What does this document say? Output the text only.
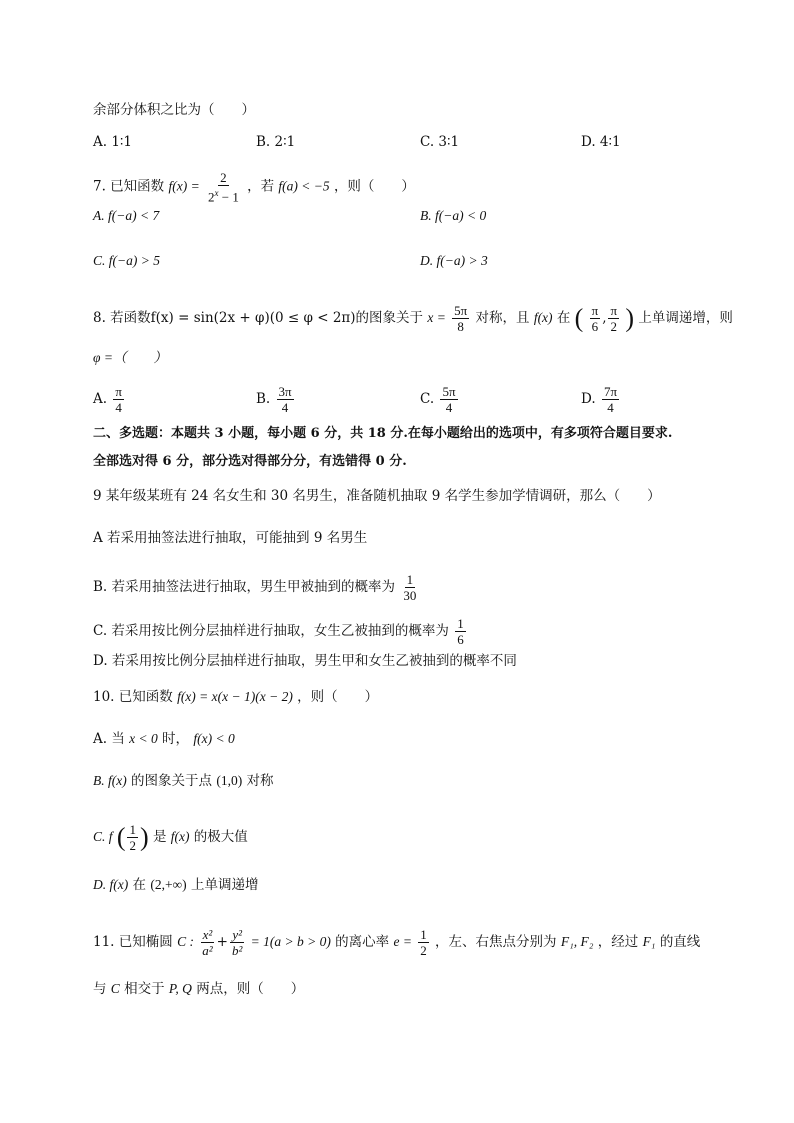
余部分体积之比为（　　）
A. 1∶1	B. 2∶1	C. 3∶1	D. 4∶1
7. 已知函数 $f(x) = \frac{2}{2^x - 1}$ ，若 f(a) < −5 ，则（　　）
A. f(−a) < 7	B. f(−a) < 0
C. f(−a) > 5	D. f(−a) > 3
8. 若函数f(x) = sin(2x + φ)(0 ≤ φ < 2π)的图象关于 $x = \frac{5\pi}{8}$ 对称，且 f(x) 在 ( $\frac{\pi}{6}$ , $\frac{\pi}{2}$ ) 上单调递增，则
φ =（　　）
A. $\frac{\pi}{4}$	B. $\frac{3\pi}{4}$	C. $\frac{5\pi}{4}$	D. $\frac{7\pi}{4}$
二、多选题：本题共 3 小题，每小题 6 分，共 18 分.在每小题给出的选项中，有多项符合题目要求.
全部选对得 6 分，部分选对得部分分，有选错得 0 分.
9 某年级某班有 24 名女生和 30 名男生，准备随机抽取 9 名学生参加学情调研，那么（　　）
A 若采用抽签法进行抽取，可能抽到 9 名男生
B. 若采用抽签法进行抽取，男生甲被抽到的概率为 $\frac{1}{30}$
C. 若采用按比例分层抽样进行抽取，女生乙被抽到的概率为 $\frac{1}{6}$
D. 若采用按比例分层抽样进行抽取，男生甲和女生乙被抽到的概率不同
10. 已知函数 f(x) = x(x − 1)(x − 2) ，则（　　）
A. 当 x < 0 时， f(x) < 0
B. f(x) 的图象关于点 (1,0) 对称
C. f ( $\frac{1}{2}$ ) 是 f(x) 的极大值
D. f(x) 在 (2,+∞) 上单调递增
11. 已知椭圆 C : $\frac{\text{x²}}{\text{a²}} + \frac{\text{y²}}{\text{b²}} = 1(a > b > 0)$ 的离心率 $e = \frac{1}{2}$ ，左、右焦点分别为 F₁, F₂ ，经过 F₁ 的直线
与 C 相交于 P, Q 两点，则（　　）
